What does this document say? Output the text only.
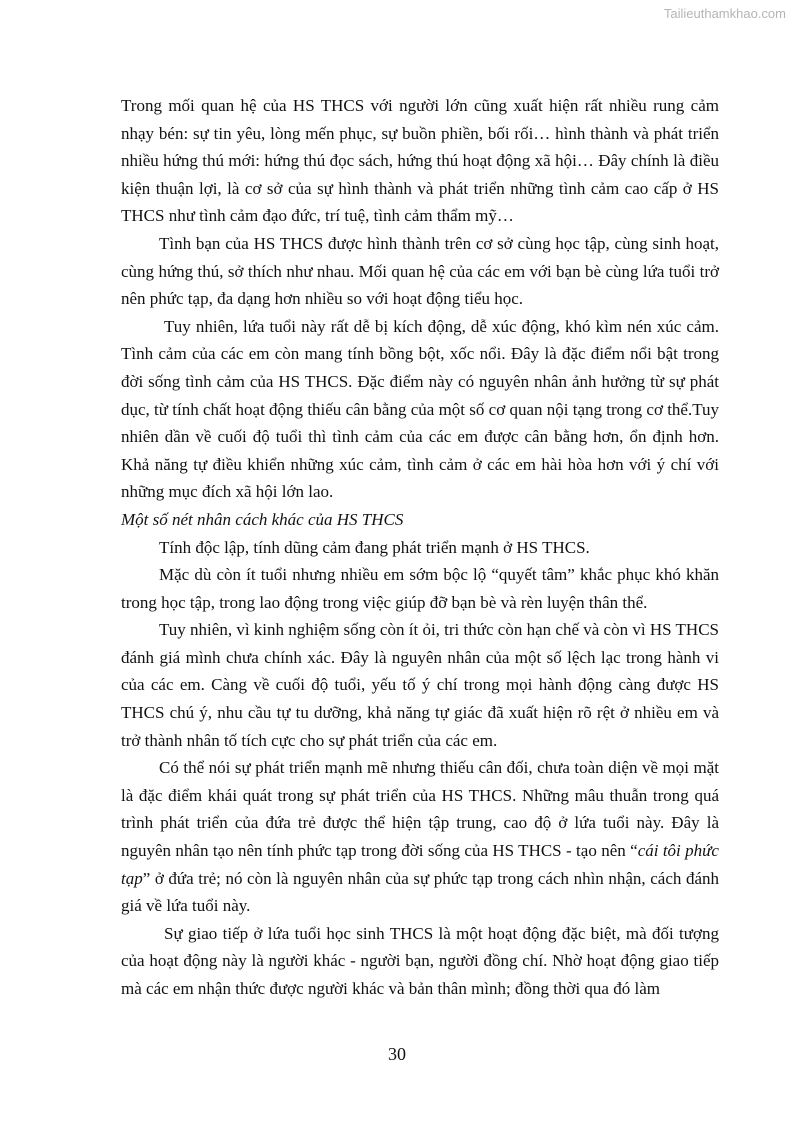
Tailieuthamkhao.com

Trong mối quan hệ của HS THCS với người lớn cũng xuất hiện rất nhiều rung cảm nhạy bén: sự tin yêu, lòng mến phục, sự buồn phiền, bối rối… hình thành và phát triển nhiều hứng thú mới: hứng thú đọc sách, hứng thú hoạt động xã hội… Đây chính là điều kiện thuận lợi, là cơ sở của sự hình thành và phát triển những tình cảm cao cấp ở HS THCS như tình cảm đạo đức, trí tuệ, tình cảm thẩm mỹ…

Tình bạn của HS THCS được hình thành trên cơ sở cùng học tập, cùng sinh hoạt, cùng hứng thú, sở thích như nhau. Mối quan hệ của các em với bạn bè cùng lứa tuổi trở nên phức tạp, đa dạng hơn nhiều so với hoạt động tiểu học.

Tuy nhiên, lứa tuổi này rất dễ bị kích động, dễ xúc động, khó kìm nén xúc cảm. Tình cảm của các em còn mang tính bồng bột, xốc nổi. Đây là đặc điểm nổi bật trong đời sống tình cảm của HS THCS. Đặc điểm này có nguyên nhân ảnh hưởng từ sự phát dục, từ tính chất hoạt động thiếu cân bằng của một số cơ quan nội tạng trong cơ thể.Tuy nhiên dần về cuối độ tuổi thì tình cảm của các em được cân bằng hơn, ổn định hơn. Khả năng tự điều khiển những xúc cảm, tình cảm ở các em hài hòa hơn với ý chí với những mục đích xã hội lớn lao.

Một số nét nhân cách khác của HS THCS

Tính độc lập, tính dũng cảm đang phát triển mạnh ở HS THCS.

Mặc dù còn ít tuổi nhưng nhiều em sớm bộc lộ “quyết tâm” khắc phục khó khăn trong học tập, trong lao động trong việc giúp đỡ bạn bè và rèn luyện thân thể.

Tuy nhiên, vì kinh nghiệm sống còn ít ỏi, tri thức còn hạn chế và còn vì HS THCS đánh giá mình chưa chính xác. Đây là nguyên nhân của một số lệch lạc trong hành vi của các em. Càng về cuối độ tuổi, yếu tố ý chí trong mọi hành động càng được HS THCS chú ý, nhu cầu tự tu dưỡng, khả năng tự giác đã xuất hiện rõ rệt ở nhiều em và trở thành nhân tố tích cực cho sự phát triển của các em.

Có thể nói sự phát triển mạnh mẽ nhưng thiếu cân đối, chưa toàn diện về mọi mặt là đặc điểm khái quát trong sự phát triển của HS THCS. Những mâu thuẫn trong quá trình phát triển của đứa trẻ được thể hiện tập trung, cao độ ở lứa tuổi này. Đây là nguyên nhân tạo nên tính phức tạp trong đời sống của HS THCS - tạo nên “cái tôi phức tạp” ở đứa trẻ; nó còn là nguyên nhân của sự phức tạp trong cách nhìn nhận, cách đánh giá về lứa tuổi này.

Sự giao tiếp ở lứa tuổi học sinh THCS là một hoạt động đặc biệt, mà đối tượng của hoạt động này là người khác - người bạn, người đồng chí. Nhờ hoạt động giao tiếp mà các em nhận thức được người khác và bản thân mình; đồng thời qua đó làm

30
